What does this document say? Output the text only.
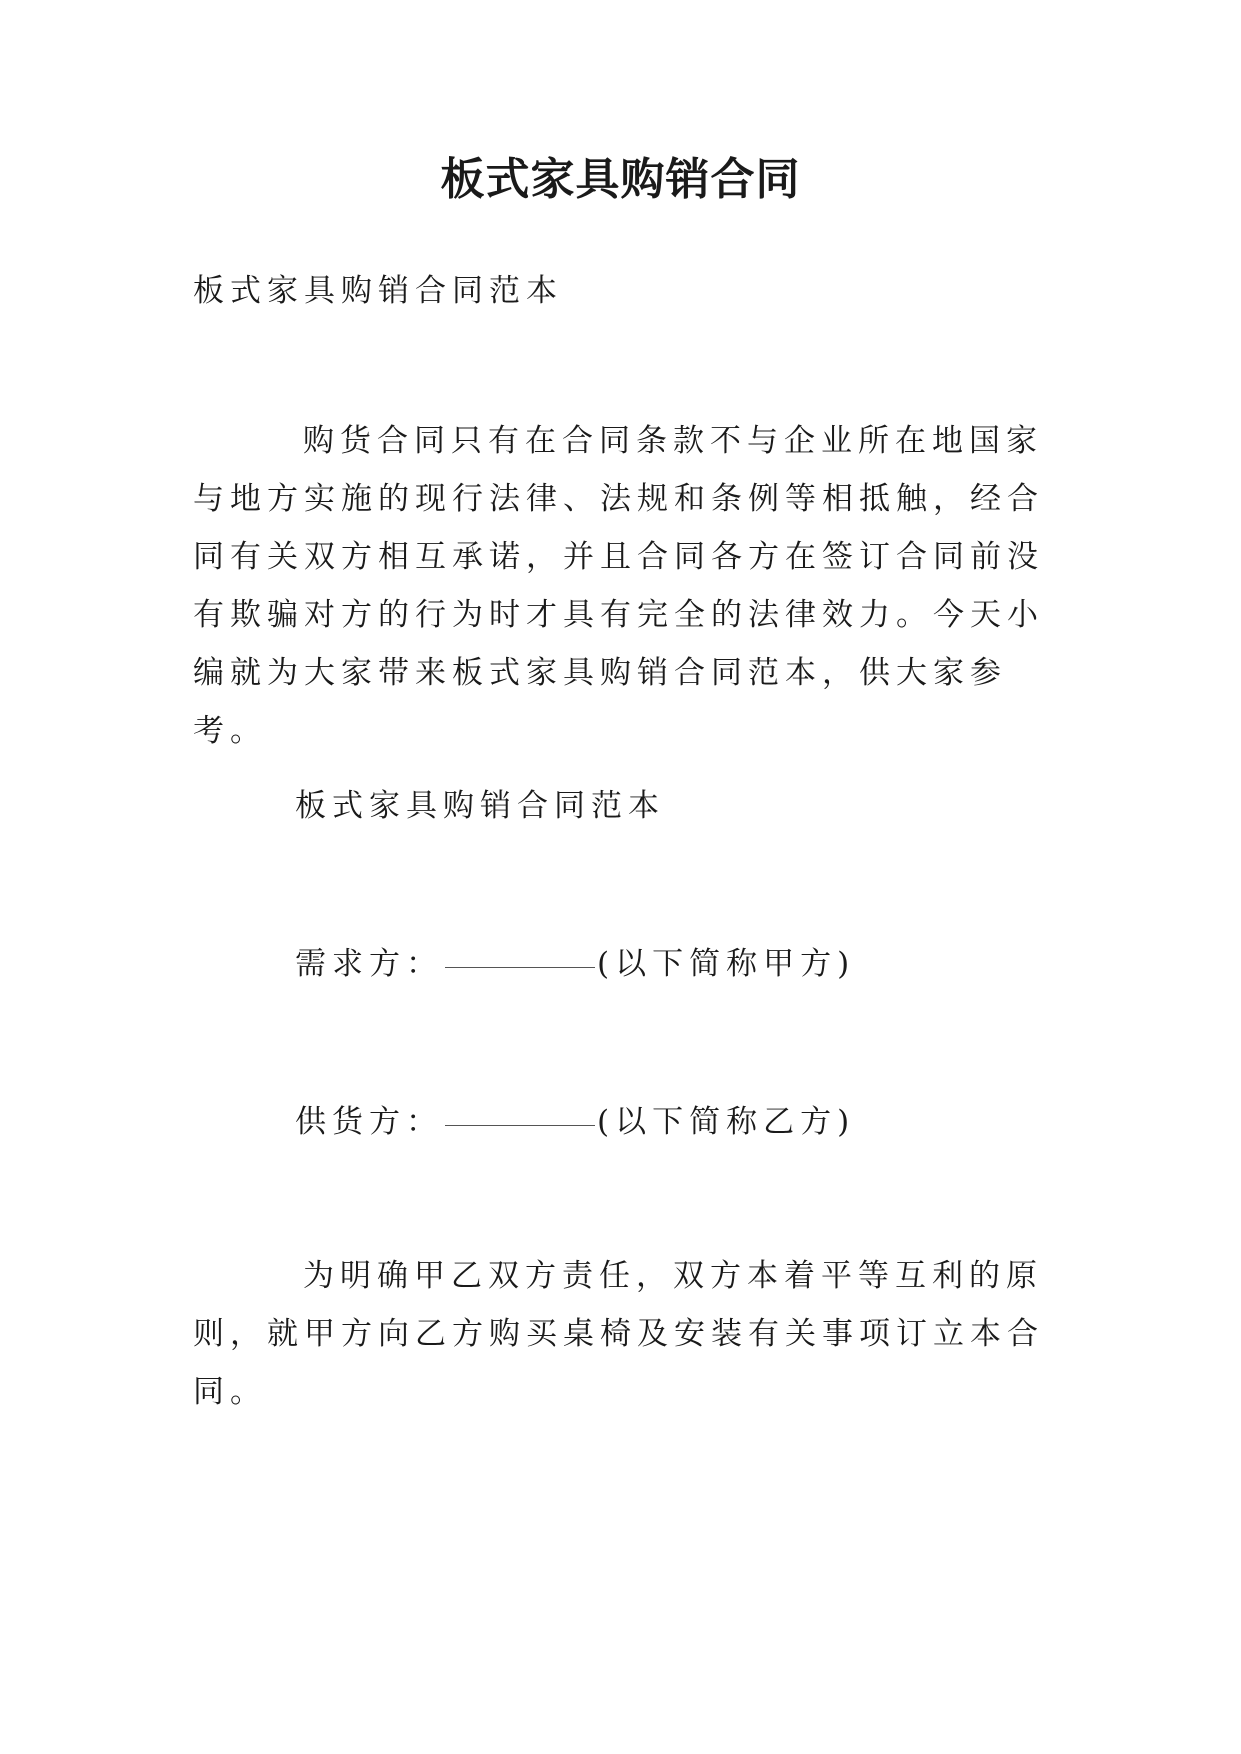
板式家具购销合同

板式家具购销合同范本

购货合同只有在合同条款不与企业所在地国家与地方实施的现行法律、法规和条例等相抵触，经合同有关双方相互承诺，并且合同各方在签订合同前没有欺骗对方的行为时才具有完全的法律效力。今天小编就为大家带来板式家具购销合同范本，供大家参考。

板式家具购销合同范本

需求方：	(以下简称甲方)

供货方：	(以下简称乙方)

为明确甲乙双方责任，双方本着平等互利的原则，就甲方向乙方购买桌椅及安装有关事项订立本合同。
